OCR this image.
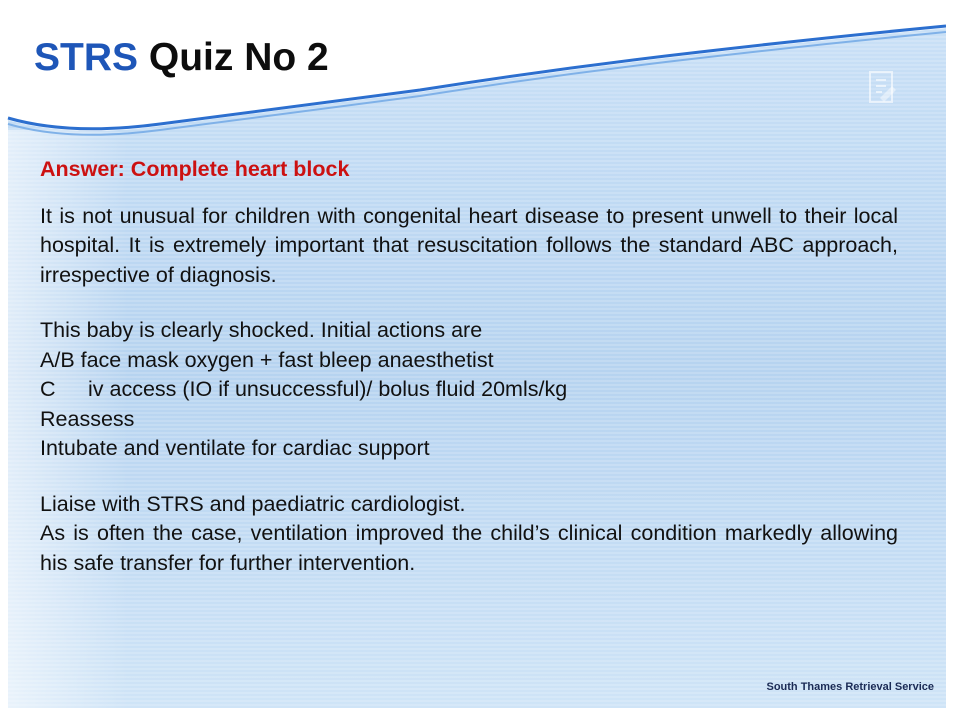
STRS Quiz No 2

Answer: Complete heart block

It is not unusual for children with congenital heart disease to present unwell to their local hospital. It is extremely important that resuscitation follows the standard ABC approach, irrespective of diagnosis.

This baby is clearly shocked. Initial actions are

A/B face mask oxygen + fast bleep anaesthetist

C iv access (IO if unsuccessful)/ bolus fluid 20mls/kg

Reassess

Intubate and ventilate for cardiac support

Liaise with STRS and paediatric cardiologist.

As is often the case, ventilation improved the child’s clinical condition markedly allowing his safe transfer for further intervention.

South Thames Retrieval Service
